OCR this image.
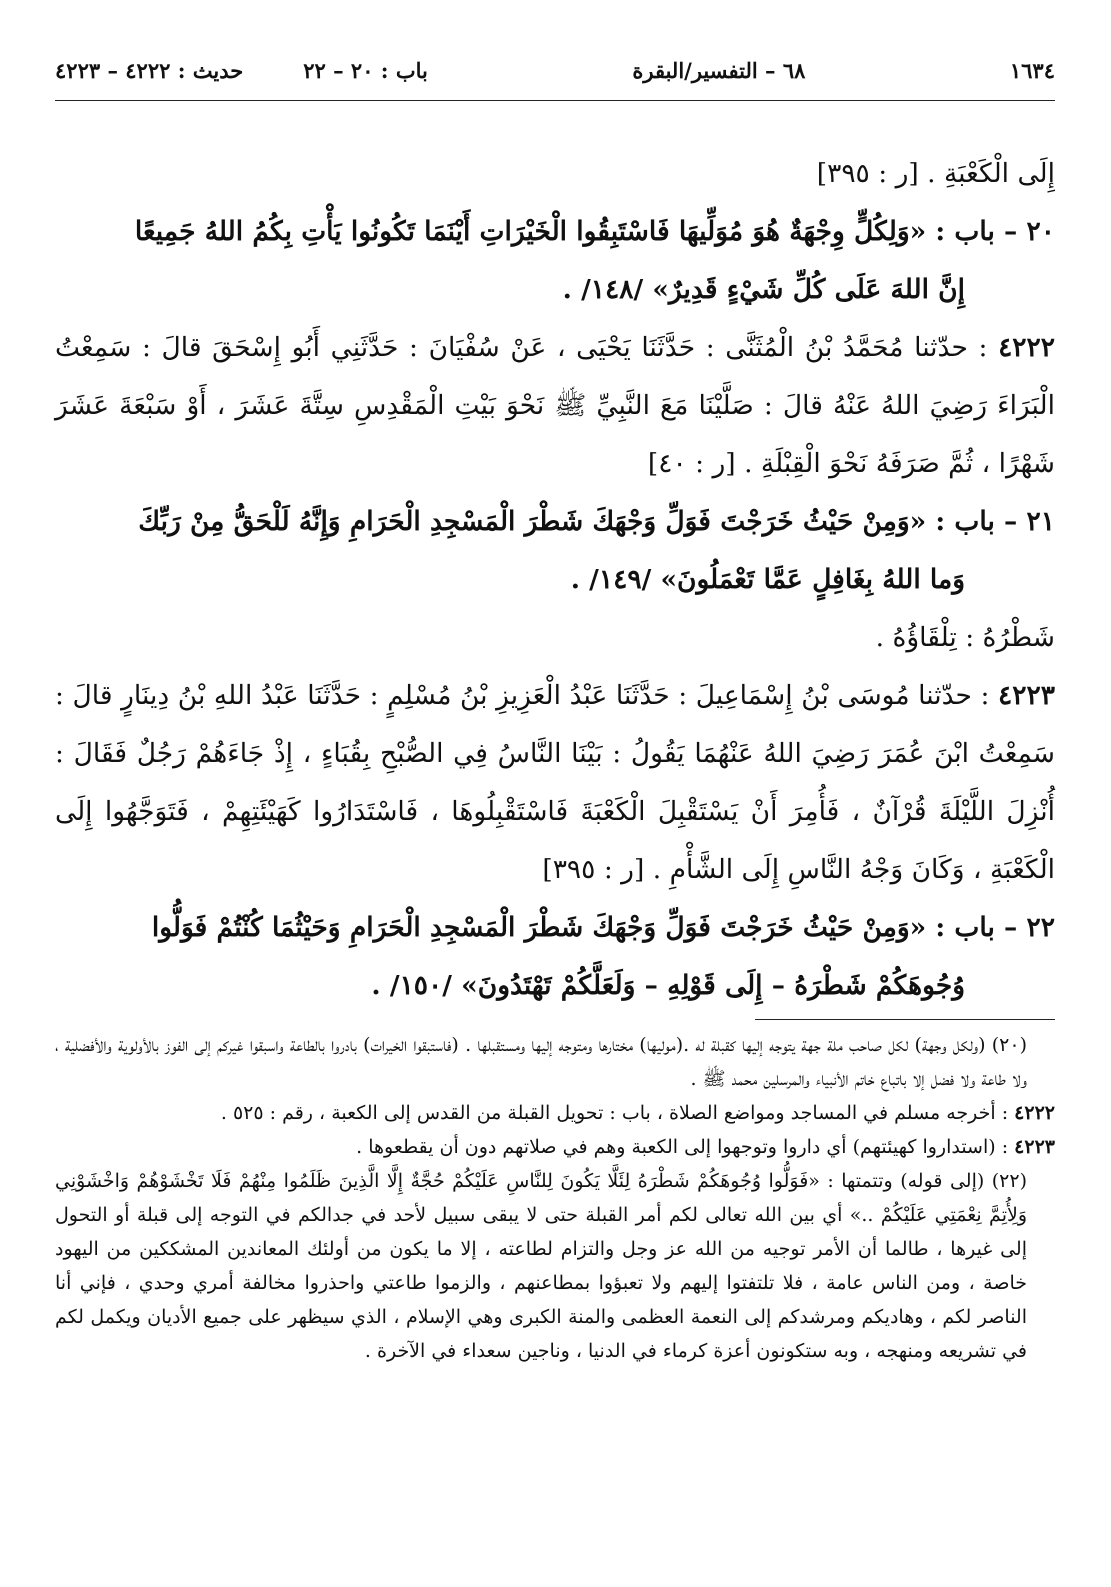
١٦٣٤
٦٨ – التفسير/البقرة
باب : ٢٠ – ٢٢
حديث : ٤٢٢٢ – ٤٢٢٣

إِلَى الْكَعْبَةِ . [ر : ٣٩٥]

٢٠ – باب : «وَلِكُلٍّ وِجْهَةٌ هُوَ مُوَلِّيهَا فَاسْتَبِقُوا الْخَيْرَاتِ أَيْنَمَا تَكُونُوا يَأْتِ بِكُمُ اللهُ جَمِيعًا
إِنَّ اللهَ عَلَى كُلِّ شَيْءٍ قَدِيرٌ» /١٤٨/ .

٤٢٢٢ : حدّثنا مُحَمَّدُ بْنُ الْمُثَنَّى : حَدَّثَنَا يَحْيَى ، عَنْ سُفْيَانَ : حَدَّثَنِي أَبُو إِسْحَقَ قالَ : سَمِعْتُ الْبَرَاءَ رَضِيَ اللهُ عَنْهُ قالَ : صَلَّيْنَا مَعَ النَّبِيِّ ﷺ نَحْوَ بَيْتِ الْمَقْدِسِ سِتَّةَ عَشَرَ ، أَوْ سَبْعَةَ عَشَرَ شَهْرًا ، ثُمَّ صَرَفَهُ نَحْوَ الْقِبْلَةِ . [ر : ٤٠]

٢١ – باب : «وَمِنْ حَيْثُ خَرَجْتَ فَوَلِّ وَجْهَكَ شَطْرَ الْمَسْجِدِ الْحَرَامِ وَإِنَّهُ لَلْحَقُّ مِنْ رَبِّكَ
وَما اللهُ بِغَافِلٍ عَمَّا تَعْمَلُونَ» /١٤٩/ .

شَطْرُهُ : تِلْقَاؤُهُ .

٤٢٢٣ : حدّثنا مُوسَى بْنُ إِسْمَاعِيلَ : حَدَّثَنَا عَبْدُ الْعَزِيزِ بْنُ مُسْلِمٍ : حَدَّثَنَا عَبْدُ اللهِ بْنُ دِينَارٍ قالَ : سَمِعْتُ ابْنَ عُمَرَ رَضِيَ اللهُ عَنْهُمَا يَقُولُ : بَيْنَا النَّاسُ فِي الصُّبْحِ بِقُبَاءٍ ، إِذْ جَاءَهُمْ رَجُلٌ فَقَالَ : أُنْزِلَ اللَّيْلَةَ قُرْآنٌ ، فَأُمِرَ أَنْ يَسْتَقْبِلَ الْكَعْبَةَ فَاسْتَقْبِلُوهَا ، فَاسْتَدَارُوا كَهَيْئَتِهِمْ ، فَتَوَجَّهُوا إِلَى الْكَعْبَةِ ، وَكَانَ وَجْهُ النَّاسِ إِلَى الشَّأْمِ . [ر : ٣٩٥]

٢٢ – باب : «وَمِنْ حَيْثُ خَرَجْتَ فَوَلِّ وَجْهَكَ شَطْرَ الْمَسْجِدِ الْحَرَامِ وَحَيْثُمَا كُنْتُمْ فَوَلُّوا
وُجُوهَكُمْ شَطْرَهُ – إِلَى قَوْلِهِ – وَلَعَلَّكُمْ تَهْتَدُونَ» /١٥٠/ .

(٢٠) (ولكل وجهة) لكل صاحب ملة جهة يتوجه إليها كقبلة له .(موليها) مختارها ومتوجه إليها ومستقبلها . (فاستبقوا الخيرات) بادروا بالطاعة واسبقوا غيركم إلى الفوز بالأولوية والأفضلية ، ولا طاعة ولا فضل إلا باتباع خاتم الأنبياء والمرسلين محمد ﷺ .

٤٢٢٢ : أخرجه مسلم في المساجد ومواضع الصلاة ، باب : تحويل القبلة من القدس إلى الكعبة ، رقم : ٥٢٥ .

٤٢٢٣ : (استداروا كهيئتهم) أي داروا وتوجهوا إلى الكعبة وهم في صلاتهم دون أن يقطعوها .

(٢٢) (إلى قوله) وتتمتها : «فَوَلُّوا وُجُوهَكُمْ شَطْرَهُ لِئَلَّا يَكُونَ لِلنَّاسِ عَلَيْكُمْ حُجَّةٌ إِلَّا الَّذِينَ ظَلَمُوا مِنْهُمْ فَلَا تَخْشَوْهُمْ وَاخْشَوْنِي وَلِأُتِمَّ نِعْمَتِي عَلَيْكُمْ ..» أي بين الله تعالى لكم أمر القبلة حتى لا يبقى سبيل لأحد في جدالكم في التوجه إلى قبلة أو التحول إلى غيرها ، طالما أن الأمر توجيه من الله عز وجل والتزام لطاعته ، إلا ما يكون من أولئك المعاندين المشككين من اليهود خاصة ، ومن الناس عامة ، فلا تلتفتوا إليهم ولا تعبؤوا بمطاعنهم ، والزموا طاعتي واحذروا مخالفة أمري وحدي ، فإني أنا الناصر لكم ، وهاديكم ومرشدكم إلى النعمة العظمى والمنة الكبرى وهي الإسلام ، الذي سيظهر على جميع الأديان ويكمل لكم في تشريعه ومنهجه ، وبه ستكونون أعزة كرماء في الدنيا ، وناجين سعداء في الآخرة .
